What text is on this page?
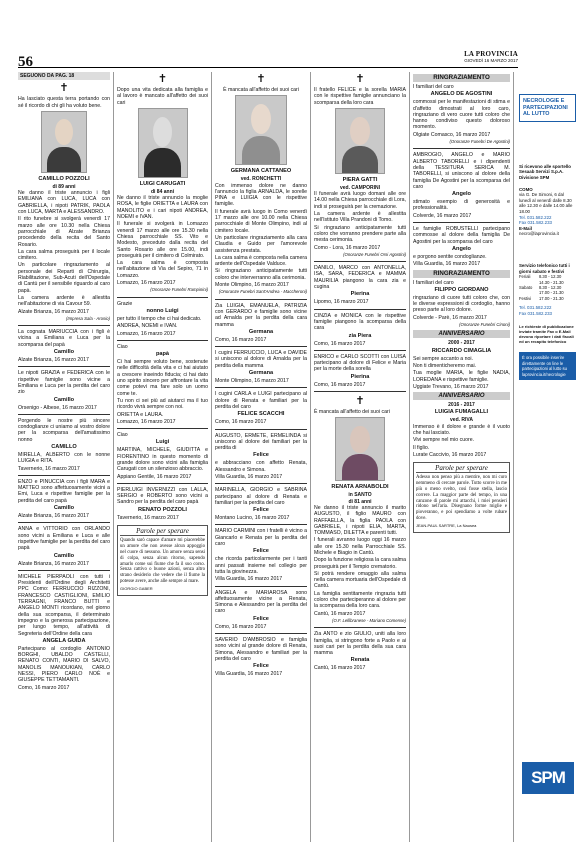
56	LA PROVINCIA
GIOVEDÌ 16 MARZO 2017
SEGUONO DA PAG. 18
✝

Ha lasciato questa terra portando con sé il ricordo di chi gli ha voluto bene.

CAMILLO POZZOLI
di 89 anni

Ne danno il triste annuncio i figli EMILIANA con LUCA, LUCA con GABRIELLA, i nipoti PATRIK, PAOLA con LUCA, MARTA e ALESSANDRO.

Il rito funebre si svolgerà venerdì 17 marzo alle ore 10.30 nella Chiesa parrocchiale di Alzate Brianza procedendo della recita del Santo Rosario.

La cara salma proseguirà per il locale cimitero.

Un particolare ringraziamento al personale dei Reparti di Chirurgia, Riabilitazione, Sub-Acuti dell'Ospedale di Cantù per il sensibile riguardo al caro papà.

La camera ardente è allestita nell'abitazione di via Cavour 59.

Alzate Brianza, 16 marzo 2017

(Impresa Sala - Arosio)

La cognata MARIUCCIA con i figli è vicina a Emiliana e Luca per la scomparsa del papà

Camillo

Alzate Brianza, 16 marzo 2017

Le nipoti GRAZIA e FEDERICA con le rispettive famiglie sono vicine a Emiliana e Luca per la perdita del caro zio

Camillo

Orsenigo - Albese, 16 marzo 2017

Porgendo le nostre più sincere condoglianze ci uniamo al vostro dolore per la scomparsa dell'amatissimo nonno

CAMILLO

MIRELLA, ALBERTO con le nonne LUIGIA e RITA.

Tavernerio, 16 marzo 2017

ENZO e PINUCCIA con i figli MARA e MATTEO sono affettuosamente vicini a Emi, Luca e rispettive famiglie per la perdita del caro papà

Camillo

Alzate Brianza, 16 marzo 2017

ANNA e VITTORIO con ORLANDO sono vicini a Emiliana e Luca e alle rispettive famiglie per la perdita del caro papà

Camillo

Alzate Brianza, 16 marzo 2017

MICHELE PIERPAOLI con tutti i Presidenti dell'Ordine degli Architetti PPC Como: FERRUCCIO RIZZONI, FRANCESCO CASTIGLIONI, EMILIO TERRAGNI, FRANCO BUTTI e ANGELO MONTI ricordano, nel giorno della sua scomparsa, il determinato impegno e la generosa partecipazione, per lungo tempo, all'attività di Segreteria dell'Ordine della cara

ANGELA GUIDA

Partecipano al cordoglio ANTONIO BORGHI, UBALDO CASTELLI, RENATO CONTI, MARIO DI SALVO, MANOLIS MANOUKIAN, CARLO NESSI, PIERO CARLO NOÈ e GIUSEPPE TETTAMANTI.

Como, 16 marzo 2017

✝

Dopo una vita dedicata alla famiglia e al lavoro è mancato all'affetto dei suoi cari

LUIGI CARUGATI
di 84 anni

Ne danno il triste annuncio la moglie ROSA, le figlie ORIETTA e LAURA con MANOLITO e i cari nipoti ANDREA, NOEMI e IVAN.

Il funerale si svolgerà in Lomazzo venerdì 17 marzo alle ore 15.30 nella Chiesa parrocchiale SS. Vito e Modesto, preceduto dalla recita del Santo Rosario alle ore 15.00, indi proseguirà per il cimitero di Colmirato.

La cara salma è composta nell'abitazione di Via del Sepiro, 71 in Lomazzo.

Lomazzo, 16 marzo 2017

(Onoranze Funebri Rampinini)

Grazie

nonno Luigi

per tutto il tempo che ci hai dedicato.

ANDREA, NOEMI e IVAN.

Lomazzo, 16 marzo 2017

Ciao

papà

Ci hai sempre voluto bene, sostenute nelle difficoltà della vita e ci hai aiutato a crescere inseindo fiducia; ci hai dato uno spirito sincero per affrontare la vita come potevi ma fare solo un uomo come te.

Tu non ci sei più ad aiutarci ma il tuo ricordo vivrà sempre con noi.

ORIETTA e LAURA.

Lomazzo, 16 marzo 2017

Ciao

Luigi

MARTINA, MICHELE, GIUDITTA e FIORENTINO in questo momento di grande dolore sono vicini alla famiglia Carugati con un silenzioso abbraccio.

Appiano Gentile, 16 marzo 2017

PIERLUIGI INVERNIZZI con LALLA, SERGIO e ROBERTO sono vicini a Sandro per la perdita del caro papà

RENATO POZZOLI

Tavernerio, 16 marzo 2017

Parole per sperare

Quando sarò capace d'amare mi piacerebbe un amore che non avesse alcun appoggio nel cuore di nessuno. Un amore senza sensi di colpa, senza alcun ritorno, sapendo amarlo come sui fiume che fa il suo corso. Senza cattivo o buone azioni, senza altro strano desiderio che vedere che il fiume la potesse avere, anche alle sempre al mare.

GIORGIO GABER

✝

È mancata all'affetto dei suoi cari

GERMANA CATTANEO
ved. RONCHETTI

Con immenso dolore ne danno l'annuncio la figlia ARNALDA, le sorelle PINA e LUIGIA con le rispettive famiglie.

Il funerale avrà luogo in Como venerdì 17 marzo alle ore 10.00 nella Chiesa parrocchiale di Monte Olimpino, indi al cimitero locale.

Un particolare ringraziamento alla cara Claudia e Guido per l'amorevole assistenza prestata.

La cara salma è composta nella camera ardente dell'Ospedale Valduce.

Si ringraziano anticipatamente tutti coloro che interverranno alla cerimonia.

Monte Olimpino, 16 marzo 2017

(Onoranze Funebri Sant'Andrea - Maccheroni)

Zia LUIGIA, EMANUELA, PATRIZIA con GERARDO e famiglie sono vicine ad Arnalda per la perdita della cara mamma

Germana

Como, 16 marzo 2017

I cugini FERRUCCIO, LUCA e DAVIDE si uniscono al dolore di Arnalda per la perdita della mamma

Germana

Monte Olimpino, 16 marzo 2017

I cugini CARLA e LUIGI partecipano al dolore di Renata e familiari per la perdita del caro

FELICE SCACCHI

Como, 16 marzo 2017

AUGUSTO, ERMETE, ERMELINDA si uniscono al dolore dei familiari per la perdita di

Felice

e abbracciano con affetto Renata, Alessandro e Simona.

Villa Guardia, 16 marzo 2017

MARINELLA, GIORGIO e SABRINA partecipano al dolore di Renata e familiari per la perdita del caro

Felice

Montano Lucino, 16 marzo 2017

MARIO CARMINI con i fratelli è vicino a Giancarlo e Renata per la perdita del caro

Felice

che ricorda particolarmente per i tanti anni passati insieme nel collegio per tutta la giovinezza.

Villa Guardia, 16 marzo 2017

ANGELA e MARIAROSA sono affettuosamente vicine a Renata, Simona e Alessandro per la perdita del caro

Felice

Como, 16 marzo 2017

SAVERIO D'AMBROSIO e famiglia sono vicini al grande dolore di Renata, Simona, Alessandro e familiari per la perdita del caro

Felice

Villa Guardia, 16 marzo 2017

✝

Il fratello FELICE e la sorella MARIA con le rispettive famiglie annunciano la scomparsa della loro cara

PIERA GATTI
ved. CAMPORINI

Il funerale avrà luogo domani alle ore 14.00 nella Chiesa parrocchiale di Lora, indi si proseguirà per la cremazione.

La camera ardente è allestita nell'Istituto Villa Prandoni di Tomo.

Si ringraziano anticipatamente tutti coloro che vorranno prendere parte alla mesta cerimonia.

Como - Lora, 16 marzo 2017

(Onoranze Funebri Orsi Agostini)

DANILO, MARCO con ANTONELLA, ISA, SARA, FEDERICA e MAMMA MAURILIA piangono la cara zia e cugina

Pierina

Lipomo, 16 marzo 2017

CINZIA e MONICA con le rispettive famiglie piangono la scomparsa della cara

zia Piera

Como, 16 marzo 2017

ENRICO e CARLO SCOTTI con LUISA partecipano al dolore di Felice e Maria per la morte della sorella

Pierina

Como, 16 marzo 2017

✝

È mancata all'affetto dei suoi cari

RENATA ARNABOLDI
in SANTO
di 81 anni

Ne danno il triste annuncio il marito AUGUSTO, il figlio MAURO con RAFFAELLA, la figlia PAOLA con GABRIELE, i nipoti ELIA, MARTA, TOMMASO, DILETTA e parenti tutti.

I funerali avranno luogo oggi 16 marzo alle ore 15.30 nella Parrocchiale SS. Michele e Biagio in Cantù.

Dopo la funzione religiosa la cara salma proseguirà per il Tempio crematorio.

Si potrà rendere omaggio alla salma nella camera mortuaria dell'Ospedale di Cantù.

La famiglia sentitamente ringrazia tutti coloro che parteciperanno al dolore per la scomparsa della loro cara.

Cantù, 16 marzo 2017

(O.F. Lellibranese - Mariano Comense)

Zia ANTO e zio GIULIO, uniti alla loro famiglia, si stringono forte a Paolo e ai suoi cari per la perdita della sua cara mamma

Renata

Cantù, 16 marzo 2017

RINGRAZIAMENTO

I familiari del caro

ANGELO DE AGOSTINI

commossi per le manifestazioni di stima e d'affetto dimostrati al loro caro, ringraziano di vero cuore tutti coloro che hanno condiviso questo doloroso momento.

Olgiate Comasco, 16 marzo 2017

(Onoranze Funebri De Agostini)

AMBROGIO, ANGELO e MARIO ALBERTO TABORELLI e i dipendenti della TESSITURA SERICA M. TABORELLI, si uniscono al dolore della famiglia De Agostini per la scomparsa del caro

Angelo

stimato esempio di generosità e professionalità.

Colverde, 16 marzo 2017

Le famiglie ROBUSTELLI partecipano commosse al dolore della famiglia De Agostini per la scomparsa del caro

Angelo

e porgono sentite condoglianze.

Villa Guardia, 16 marzo 2017

RINGRAZIAMENTO

I familiari del caro

FILIPPO GIORDANO

ringraziano di cuore tutti coloro che, con le diverse espressioni di cordoglio, hanno preso parte al loro dolore.

Colverde - Parè, 16 marzo 2017

(Onoranze Funebri Cinoni)
ANNIVERSARIO
2000 - 2017
RICCARDO CIMAGLIA

Sei sempre accanto a noi.

Non ti dimenticheremo mai.

Tua moglie MARIA, le figlie NADIA, LOREDANA e rispettive famiglie.

Uggiate Trevano, 16 marzo 2017

ANNIVERSARIO
2016 - 2017
LUIGIA FUMAGALLI
ved. RIVA

Immenso è il dolore e grande è il vuoto che hai lasciato.

Vivi sempre nel mio cuore.

Il figlio.

Lurate Caccivio, 16 marzo 2017

Parole per sperare

Adesso non penso più a mentire, non mi curo nemmeno di cercare parole. Tutto scorre in me più o meno svelto, così fosse stella, lascio correre. La maggior parte del tempo, in una canzone di parole mi attacchi, i miei pensieri ridono nell'aria. Disegnano forme miglie e pioveranno, e poi spendiamo a volte rubare dove.

JEAN-PAUL SARTRE, La Nausea

NECROLOGIE E PARTECIPAZIONI AL LUTTO
Si ricevono alle sportello Sesaab Servizi S.p.A. Divisione SPM
COMO
via G. De Simoni, 6 dal lunedì al venerdì dalle 8.30 alle 12.30 e dalle 14.00 alle 18.00
Tel. 031.582.222
Fax 031.582.233
E-Mail
necro@laprovincia.it
Servizio telefonico tutti i giorni sabato e festivi
Feriali	8.30 - 12.30
	14.30 - 21.30
Sabato	8.30 - 12.30
	17.00 - 21.30
Festivi	17.00 - 21.30
Tel. 031.582.222
Fax 031.582.233
Le richieste di pubblicazione inviate tramite Fax o E-Mail devono riportare i dati fiscali ed un recapito telefonico
È ora possibile inserire direttamente on line le partecipazioni al lutto su laprovincia.it/necrologie
SPM
